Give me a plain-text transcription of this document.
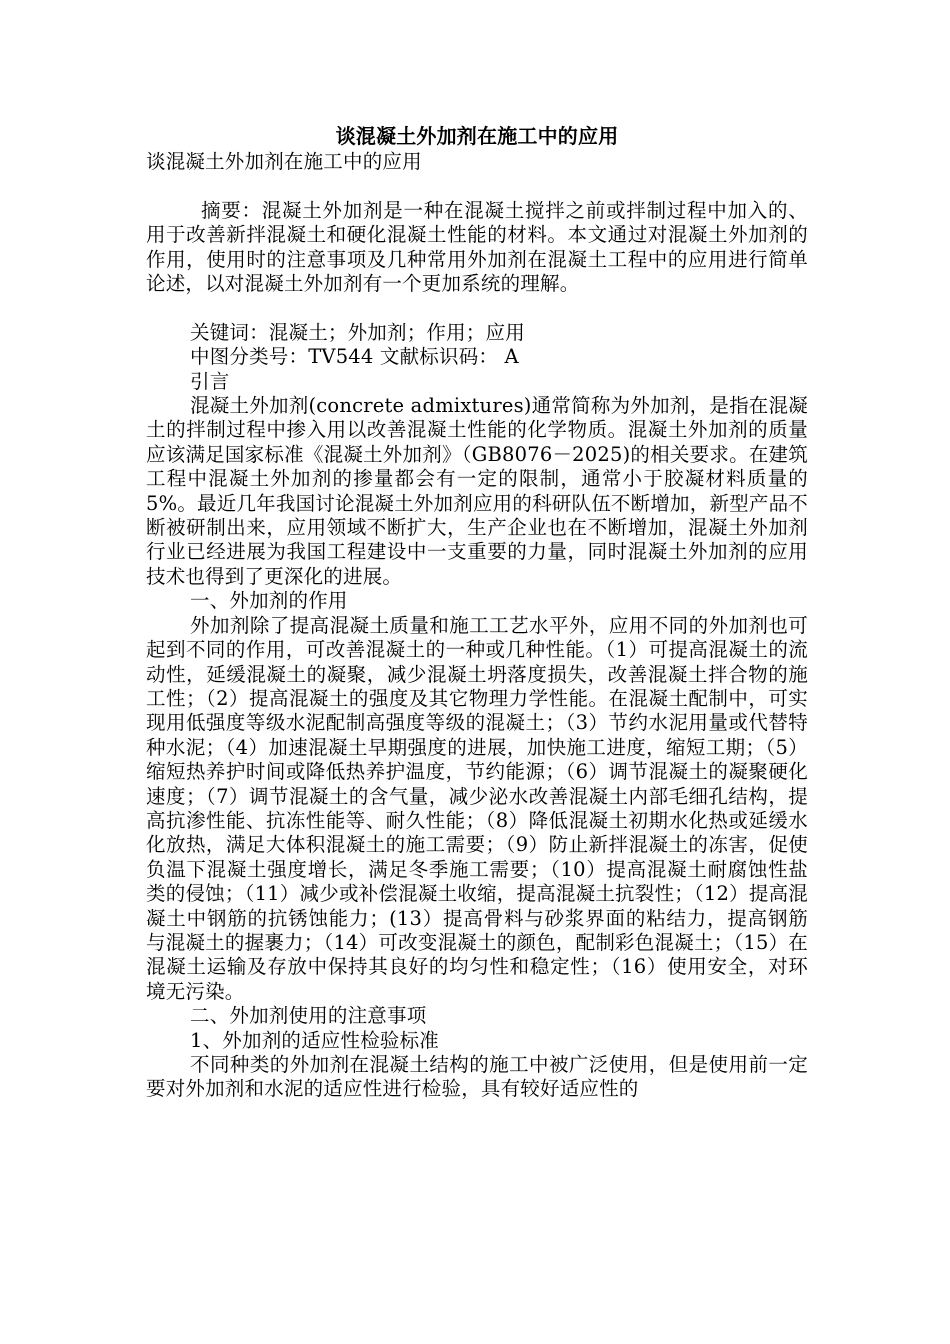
谈混凝土外加剂在施工中的应用

谈混凝土外加剂在施工中的应用

摘要：混凝土外加剂是一种在混凝土搅拌之前或拌制过程中加入的、用于改善新拌混凝土和硬化混凝土性能的材料。本文通过对混凝土外加剂的作用，使用时的注意事项及几种常用外加剂在混凝土工程中的应用进行简单论述，以对混凝土外加剂有一个更加系统的理解。

关键词：混凝土；外加剂；作用；应用

中图分类号：TV544 文献标识码： A

引言

混凝土外加剂(concrete admixtures)通常简称为外加剂，是指在混凝土的拌制过程中掺入用以改善混凝土性能的化学物质。混凝土外加剂的质量应该满足国家标准《混凝土外加剂》（GB8076－2025)的相关要求。在建筑工程中混凝土外加剂的掺量都会有一定的限制，通常小于胶凝材料质量的5%。最近几年我国讨论混凝土外加剂应用的科研队伍不断增加，新型产品不断被研制出来，应用领域不断扩大，生产企业也在不断增加，混凝土外加剂行业已经进展为我国工程建设中一支重要的力量，同时混凝土外加剂的应用技术也得到了更深化的进展。

一、外加剂的作用

外加剂除了提高混凝土质量和施工工艺水平外，应用不同的外加剂也可起到不同的作用，可改善混凝土的一种或几种性能。（1）可提高混凝土的流动性，延缓混凝土的凝聚，减少混凝土坍落度损失，改善混凝土拌合物的施工性；（2）提高混凝土的强度及其它物理力学性能。在混凝土配制中，可实现用低强度等级水泥配制高强度等级的混凝土；（3）节约水泥用量或代替特种水泥；（4）加速混凝土早期强度的进展，加快施工进度，缩短工期；（5）缩短热养护时间或降低热养护温度，节约能源；（6）调节混凝土的凝聚硬化速度；（7）调节混凝土的含气量，减少泌水改善混凝土内部毛细孔结构，提高抗渗性能、抗冻性能等、耐久性能；（8）降低混凝土初期水化热或延缓水化放热，满足大体积混凝土的施工需要；（9）防止新拌混凝土的冻害，促使负温下混凝土强度增长，满足冬季施工需要；（10）提高混凝土耐腐蚀性盐类的侵蚀；（11）减少或补偿混凝土收缩，提高混凝土抗裂性；（12）提高混凝土中钢筋的抗锈蚀能力；(13）提高骨料与砂浆界面的粘结力，提高钢筋与混凝土的握裹力；（14）可改变混凝土的颜色，配制彩色混凝土；（15）在混凝土运输及存放中保持其良好的均匀性和稳定性；（16）使用安全，对环境无污染。

二、外加剂使用的注意事项

1、外加剂的适应性检验标准

不同种类的外加剂在混凝土结构的施工中被广泛使用，但是使用前一定要对外加剂和水泥的适应性进行检验，具有较好适应性的
